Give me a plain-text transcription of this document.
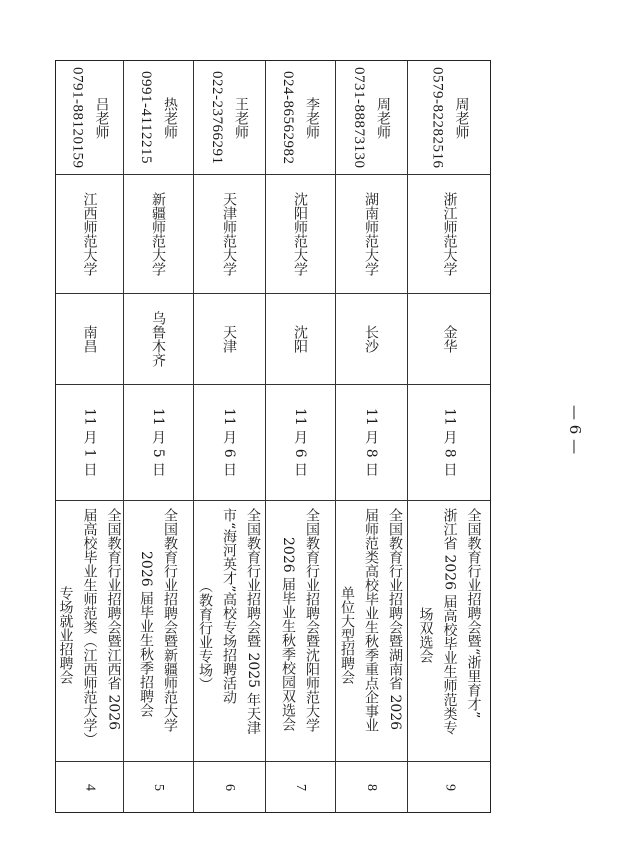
4
全国教育行业招聘会暨江西省 2026
届高校毕业生师范类（江西师范大学）
专场就业招聘会
11 月 1 日
南昌
江西师范大学
吕老师
0791-88120159
5
全国教育行业招聘会暨新疆师范大学
2026 届毕业生秋季招聘会
11 月 5 日
乌鲁木齐
新疆师范大学
热老师
0991-4112215
6
全国教育行业招聘会暨 2025 年天津
市“海河英才”高校专场招聘活动
（教育行业专场）
11 月 6 日
天津
天津师范大学
王老师
022-23766291
7
全国教育行业招聘会暨沈阳师范大学
2026 届毕业生秋季校园双选会
11 月 6 日
沈阳
沈阳师范大学
李老师
024-86562982
8
全国教育行业招聘会暨湖南省 2026
届师范类高校毕业生秋季重点企事业
单位大型招聘会
11 月 8 日
长沙
湖南师范大学
周老师
0731-88873130
9
全国教育行业招聘会暨“浙里育才”
浙江省 2026 届高校毕业生师范类专
场双选会
11 月 8 日
金华
浙江师范大学
周老师
0579-82282516
— 6 —
